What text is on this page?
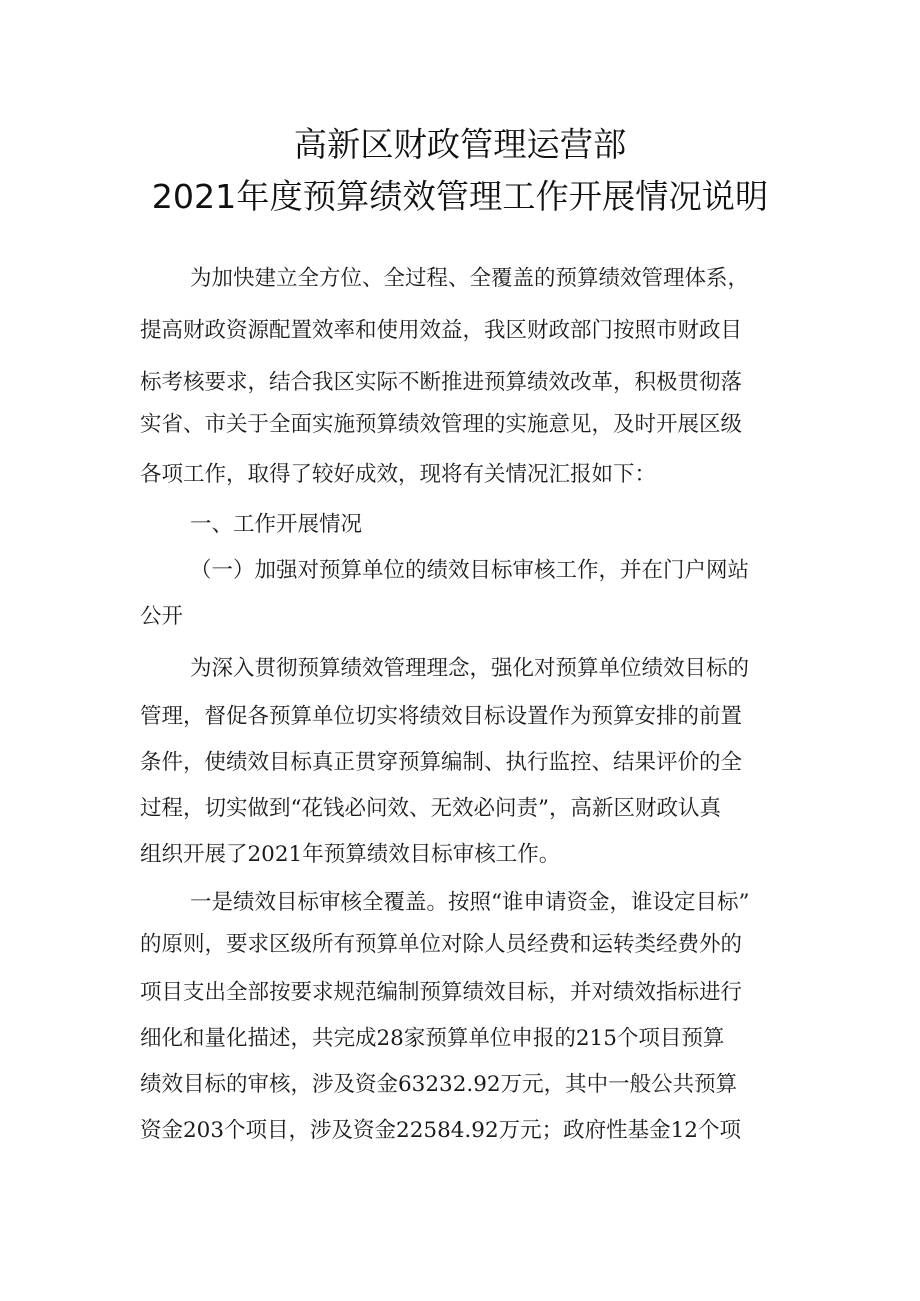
高新区财政管理运营部
2021年度预算绩效管理工作开展情况说明
为加快建立全方位、全过程、全覆盖的预算绩效管理体系，
提高财政资源配置效率和使用效益，我区财政部门按照市财政目
标考核要求，结合我区实际不断推进预算绩效改革，积极贯彻落
实省、市关于全面实施预算绩效管理的实施意见，及时开展区级
各项工作，取得了较好成效，现将有关情况汇报如下：
一、工作开展情况
（一）加强对预算单位的绩效目标审核工作，并在门户网站
公开
为深入贯彻预算绩效管理理念，强化对预算单位绩效目标的
管理，督促各预算单位切实将绩效目标设置作为预算安排的前置
条件，使绩效目标真正贯穿预算编制、执行监控、结果评价的全
过程，切实做到“花钱必问效、无效必问责”，高新区财政认真
组织开展了2021年预算绩效目标审核工作。
一是绩效目标审核全覆盖。按照“谁申请资金，谁设定目标”
的原则，要求区级所有预算单位对除人员经费和运转类经费外的
项目支出全部按要求规范编制预算绩效目标，并对绩效指标进行
细化和量化描述，共完成28家预算单位申报的215个项目预算
绩效目标的审核，涉及资金63232.92万元，其中一般公共预算
资金203个项目，涉及资金22584.92万元；政府性基金12个项
